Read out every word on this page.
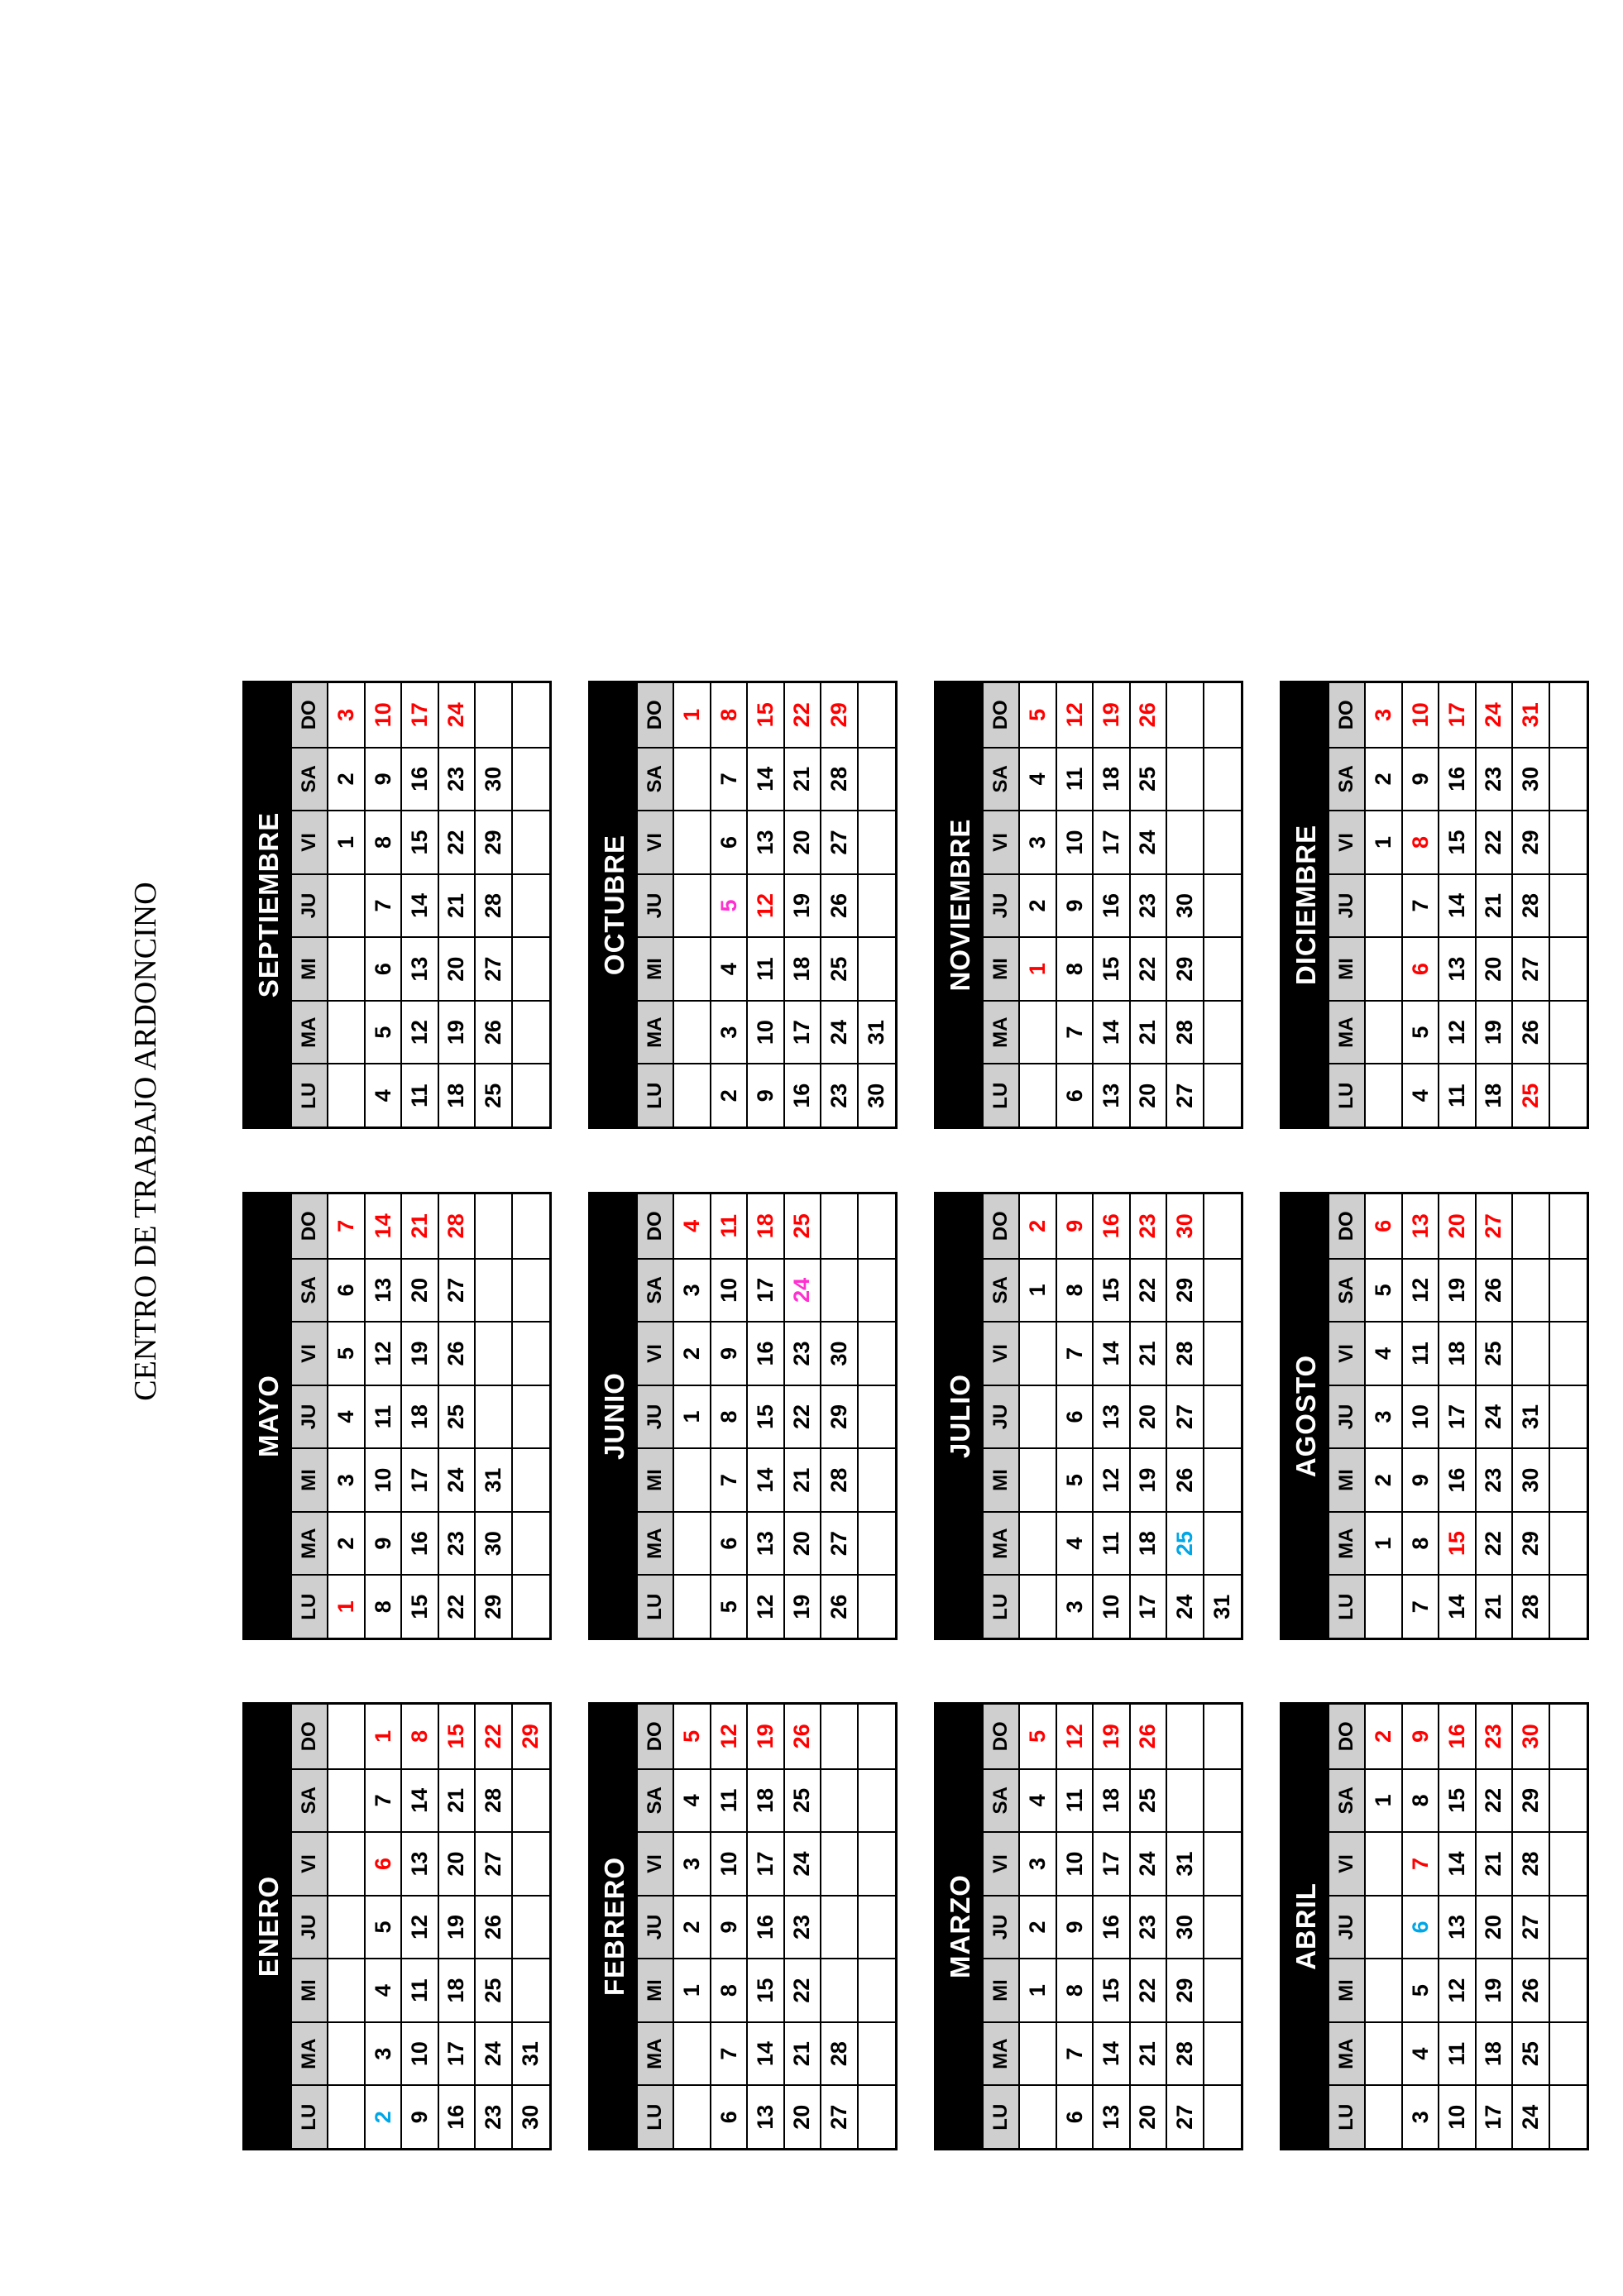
CENTRO DE TRABAJO ARDONCINO
ENERO
LU
MA
MI
JU
VI
SA
DO
2
3
4
5
6
7
1
9
10
11
12
13
14
8
16
17
18
19
20
21
15
23
24
25
26
27
28
22
30
31
29
FEBRERO
LU
MA
MI
JU
VI
SA
DO
1
2
3
4
5
6
7
8
9
10
11
12
13
14
15
16
17
18
19
20
21
22
23
24
25
26
27
28
MARZO
LU
MA
MI
JU
VI
SA
DO
1
2
3
4
5
6
7
8
9
10
11
12
13
14
15
16
17
18
19
20
21
22
23
24
25
26
27
28
29
30
31
ABRIL
LU
MA
MI
JU
VI
SA
DO
1
2
3
4
5
6
7
8
9
10
11
12
13
14
15
16
17
18
19
20
21
22
23
24
25
26
27
28
29
30
MAYO
LU
MA
MI
JU
VI
SA
DO
1
2
3
4
5
6
7
8
9
10
11
12
13
14
15
16
17
18
19
20
21
22
23
24
25
26
27
28
29
30
31
JUNIO
LU
MA
MI
JU
VI
SA
DO
1
2
3
4
5
6
7
8
9
10
11
12
13
14
15
16
17
18
19
20
21
22
23
24
25
26
27
28
29
30
JULIO
LU
MA
MI
JU
VI
SA
DO
1
2
3
4
5
6
7
8
9
10
11
12
13
14
15
16
17
18
19
20
21
22
23
24
25
26
27
28
29
30
31
AGOSTO
LU
MA
MI
JU
VI
SA
DO
1
2
3
4
5
6
7
8
9
10
11
12
13
14
15
16
17
18
19
20
21
22
23
24
25
26
27
28
29
30
31
SEPTIEMBRE
LU
MA
MI
JU
VI
SA
DO
1
2
3
4
5
6
7
8
9
10
11
12
13
14
15
16
17
18
19
20
21
22
23
24
25
26
27
28
29
30
OCTUBRE
LU
MA
MI
JU
VI
SA
DO 1
2
3
4
5
6
7
8
9
10
11
12
13
14
15
16
17
18
19
20
21
22
23
24
25
26
27
28
29
30
31
NOVIEMBRE
LU
MA
MI
JU
VI
SA
DO
1
2
3
4
5
6
7
8
9
10
11
12
13
14
15
16
17
18
19
20
21
22
23
24
25
26
27
28
29
30	DICIEMBRE
LU
MA
MI
JU
VI
SA
DO
1
2
3
4
5
6
7
8
9
10
11
12
13
14
15
16
17
18
19
20
21
22
23
24
25
26
27
28
29
30
31
